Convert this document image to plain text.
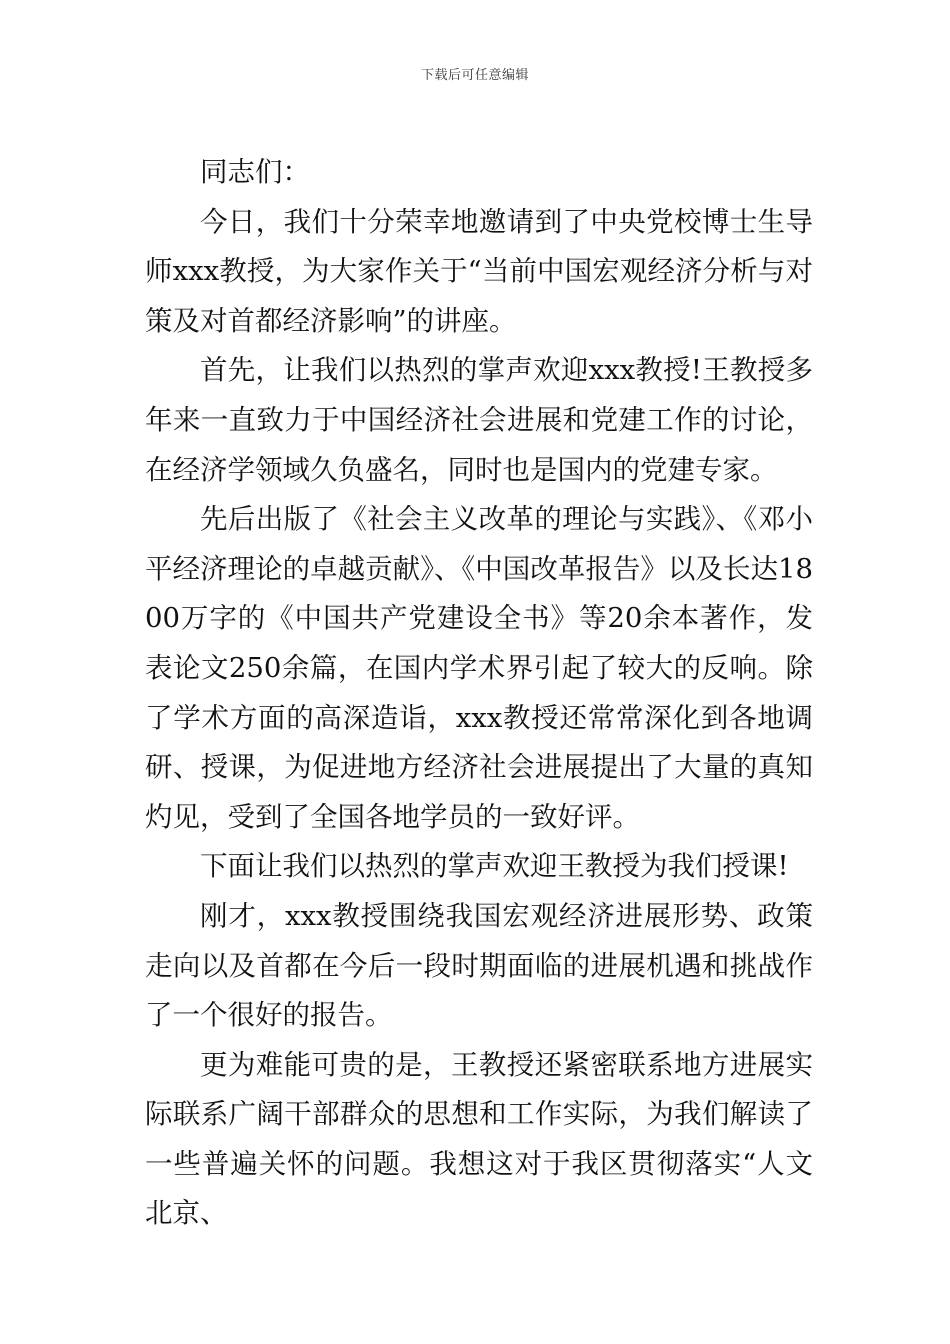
下载后可任意编辑

同志们：

今日，我们十分荣幸地邀请到了中央党校博士生导师xxx教授，为大家作关于“当前中国宏观经济分析与对策及对首都经济影响”的讲座。

首先，让我们以热烈的掌声欢迎xxx教授!王教授多年来一直致力于中国经济社会进展和党建工作的讨论，在经济学领域久负盛名，同时也是国内的党建专家。

先后出版了《社会主义改革的理论与实践》、《邓小平经济理论的卓越贡献》、《中国改革报告》以及长达1800万字的《中国共产党建设全书》等20余本著作，发表论文250余篇，在国内学术界引起了较大的反响。除了学术方面的高深造诣，xxx教授还常常深化到各地调研、授课，为促进地方经济社会进展提出了大量的真知灼见，受到了全国各地学员的一致好评。

下面让我们以热烈的掌声欢迎王教授为我们授课!

刚才，xxx教授围绕我国宏观经济进展形势、政策走向以及首都在今后一段时期面临的进展机遇和挑战作了一个很好的报告。

更为难能可贵的是，王教授还紧密联系地方进展实际联系广阔干部群众的思想和工作实际，为我们解读了一些普遍关怀的问题。我想这对于我区贯彻落实“人文北京、
